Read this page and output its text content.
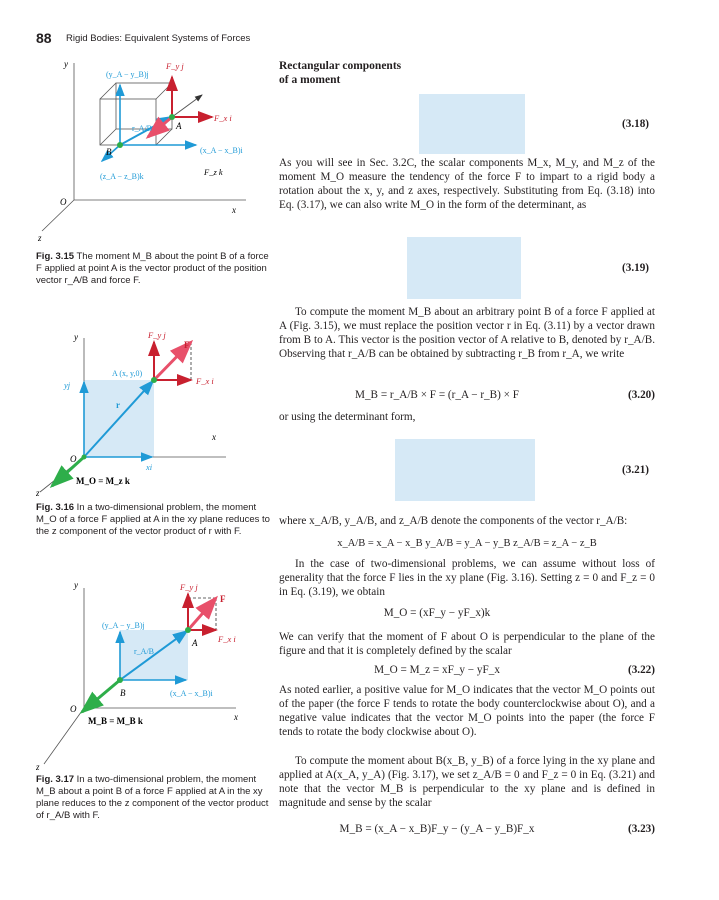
88 Rigid Bodies: Equivalent Systems of Forces
y
x
z
O
A
B
F_y j
F_x i
F_z k
r_A/B
(y_A − y_B)j
(x_A − x_B)i
(z_A − z_B)k
Fig. 3.15 The moment M_B about the point B of a force F applied at point A is the vector product of the position vector r_A/B and force F.
y
x
z
O
F
F_y j
F_x i
A (x, y,0)
r
yj
xi
M_O = M_z k
Fig. 3.16 In a two-dimensional problem, the moment M_O of a force F applied at A in the xy plane reduces to the z component of the vector product of r with F.
y
x
z
O
F
A
B
F_y j
F_x i
r_A/B
(y_A − y_B)j
(x_A − x_B)i
M_B = M_B k
Fig. 3.17 In a two-dimensional problem, the moment M_B about a point B of a force F applied at A in the xy plane reduces to the z component of the vector product of r_A/B with F.
Rectangular components
of a moment
(3.18)

As you will see in Sec. 3.2C, the scalar components M_x, M_y, and M_z of the moment M_O measure the tendency of the force F to impart to a rigid body a rotation about the x, y, and z axes, respectively. Substituting from Eq. (3.18) into Eq. (3.17), we can also write M_O in the form of the determinant, as

(3.19)

To compute the moment M_B about an arbitrary point B of a force F applied at A (Fig. 3.15), we must replace the position vector r in Eq. (3.11) by a vector drawn from B to A. This vector is the position vector of A relative to B, denoted by r_A/B. Observing that r_A/B can be obtained by subtracting r_B from r_A, we write

M_B = r_A/B × F = (r_A − r_B) × F	(3.20)

or using the determinant form,

(3.21)

where x_A/B, y_A/B, and z_A/B denote the components of the vector r_A/B:

x_A/B = x_A − x_B y_A/B = y_A − y_B z_A/B = z_A − z_B

In the case of two-dimensional problems, we can assume without loss of generality that the force F lies in the xy plane (Fig. 3.16). Setting z = 0 and F_z = 0 in Eq. (3.19), we obtain

M_O = (xF_y − yF_x)k

We can verify that the moment of F about O is perpendicular to the plane of the figure and that it is completely defined by the scalar

M_O = M_z = xF_y − yF_x	(3.22)

As noted earlier, a positive value for M_O indicates that the vector M_O points out of the paper (the force F tends to rotate the body counterclockwise about O), and a negative value indicates that the vector M_O points into the paper (the force F tends to rotate the body clockwise about O).

To compute the moment about B(x_B, y_B) of a force lying in the xy plane and applied at A(x_A, y_A) (Fig. 3.17), we set z_A/B = 0 and F_z = 0 in Eq. (3.21) and note that the vector M_B is perpendicular to the xy plane and is defined in magnitude and sense by the scalar

M_B = (x_A − x_B)F_y − (y_A − y_B)F_x	(3.23)
